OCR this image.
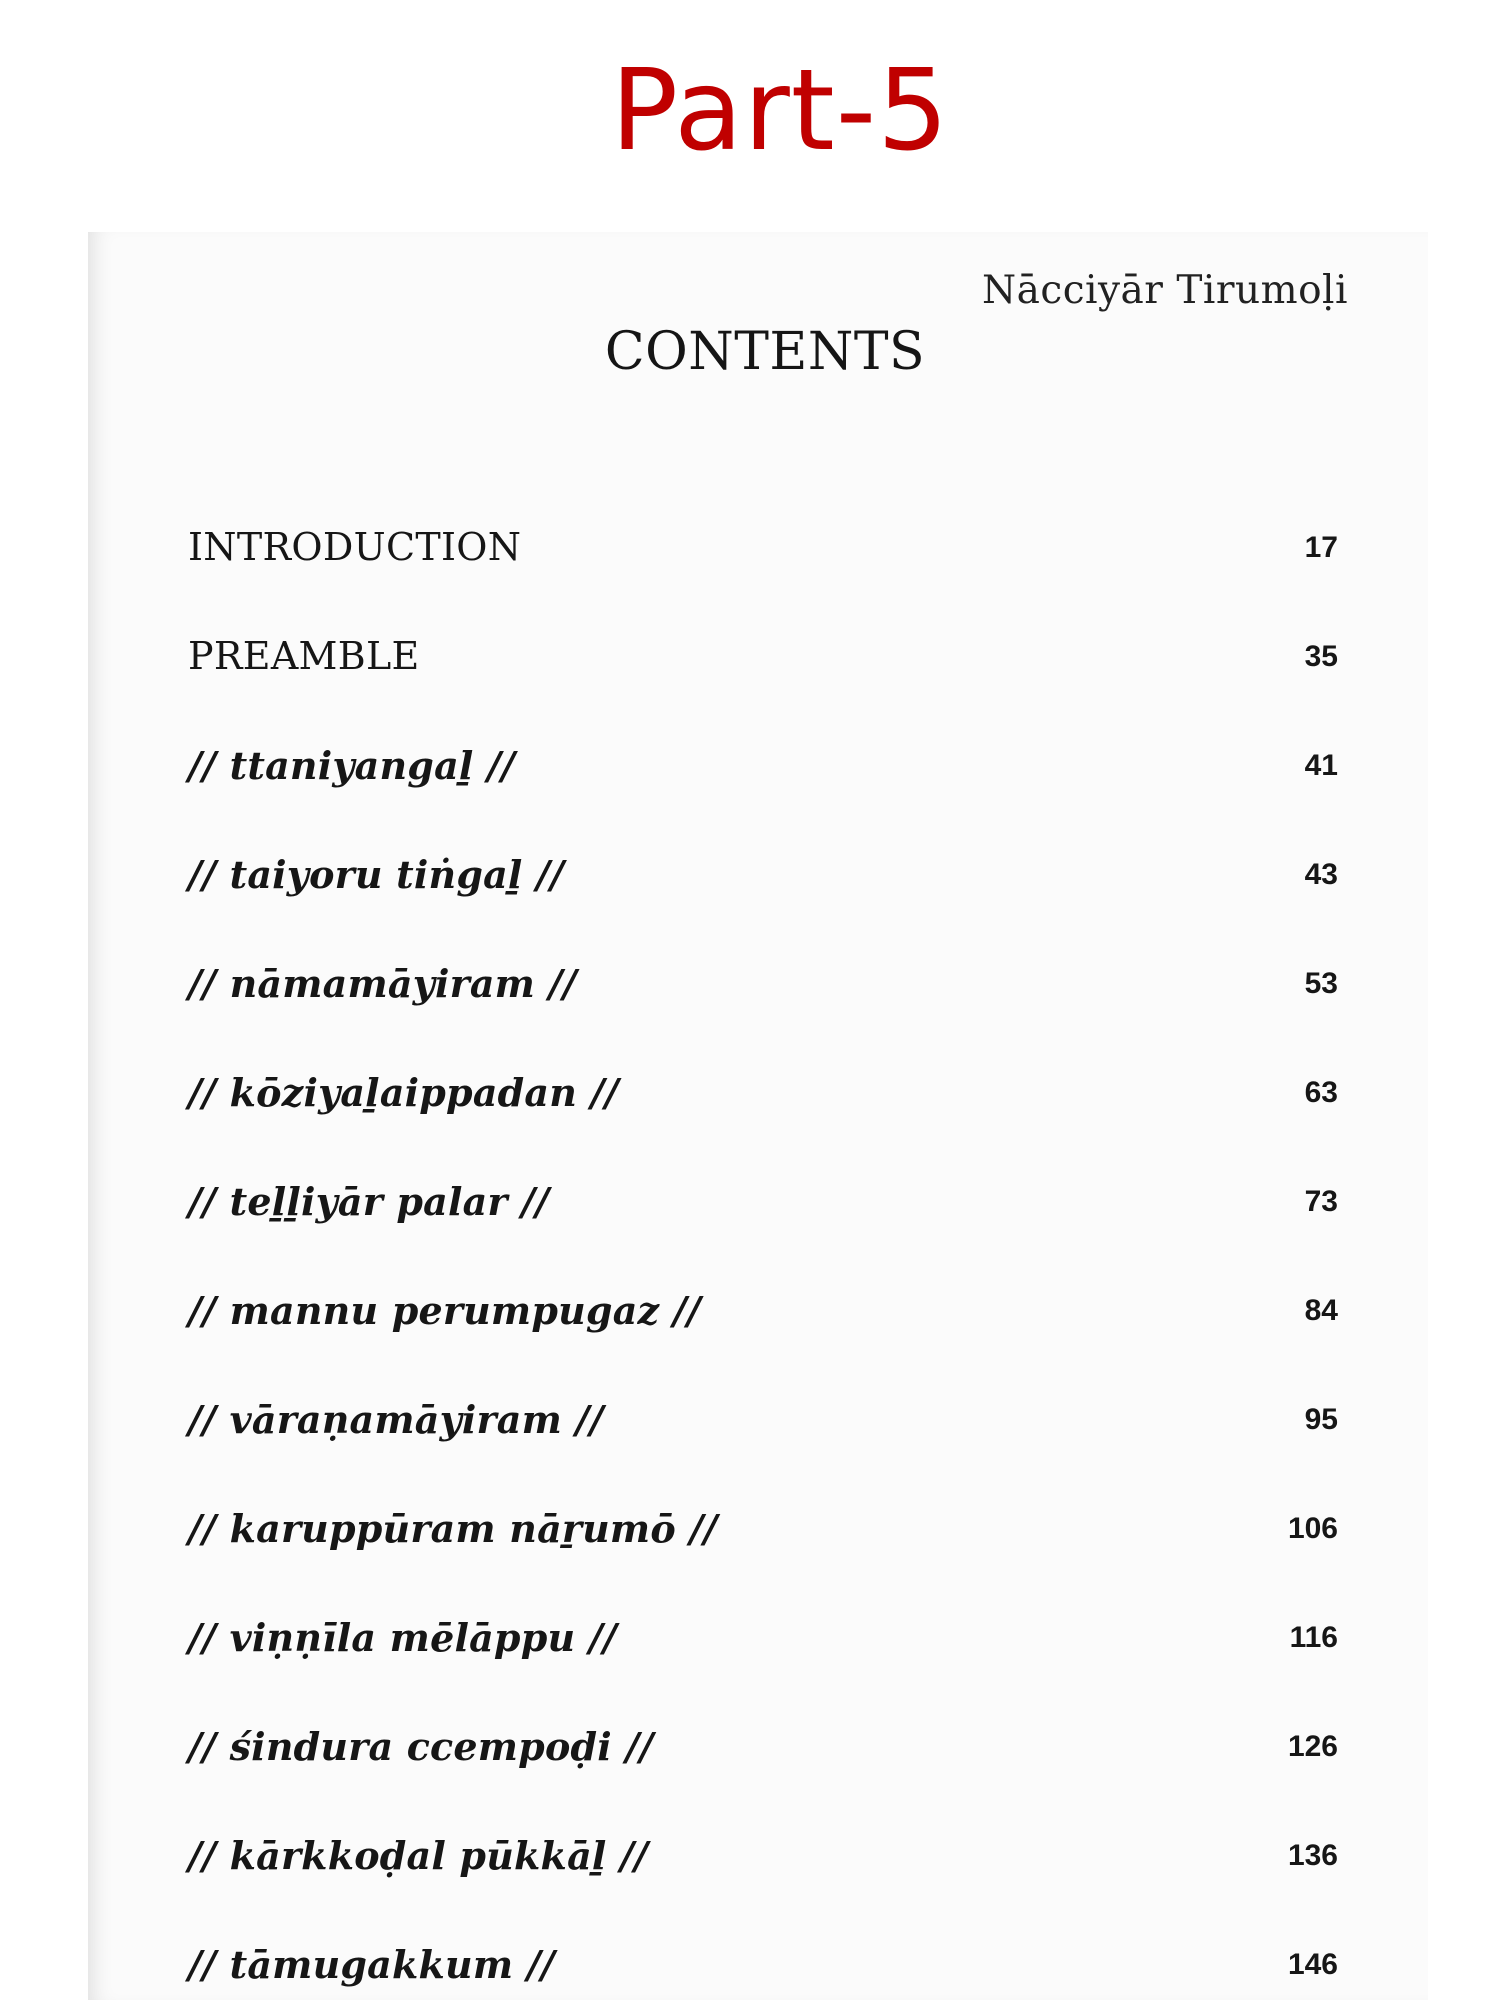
Part-5

Nācciyār Tirumoḷi
CONTENTS
INTRODUCTION	17
PREAMBLE	35
// ttaniyangaḻ //	41
// taiyoru tiṅgaḻ //	43
// nāmamāyiram //	53
// kōziyaḻaippadan //	63
// teḻḻiyār palar //	73
// mannu perumpugaz //	84
// vāraṇamāyiram //	95
// karuppūram nāṟumō //	106
// viṇṇīla mēlāppu //	116
// śindura ccempoḍi //	126
// kārkkoḍal pūkkāḻ //	136
// tāmugakkum //	146
